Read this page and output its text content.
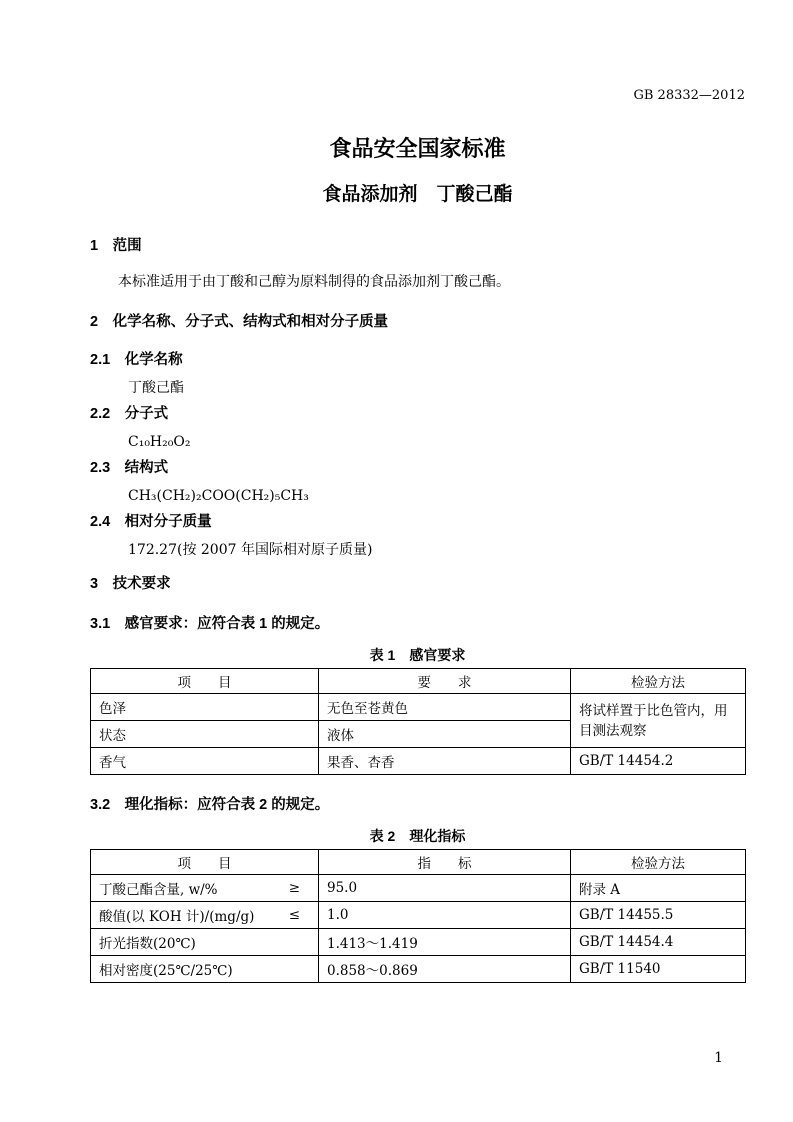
GB 28332—2012
食品安全国家标准
食品添加剂　丁酸己酯
1　范围

本标准适用于由丁酸和己醇为原料制得的食品添加剂丁酸己酯。

2　化学名称、分子式、结构式和相对分子质量
2.1　化学名称
丁酸己酯
2.2　分子式
C₁₀H₂₀O₂
2.3　结构式
CH₃(CH₂)₂COO(CH₂)₅CH₃
2.4　相对分子质量
172.27(按 2007 年国际相对原子质量)
3　技术要求
3.1　感官要求：应符合表 1 的规定。
表 1　感官要求
项　　目	要　　求	检验方法
色泽	无色至苍黄色	将试样置于比色管内，用目测法观察
状态	液体	
香气	果香、杏香	GB/T 14454.2
3.2　理化指标：应符合表 2 的规定。
表 2　理化指标
项　　目	指　　标	检验方法

丁酸己酯含量, w/% ≥	95.0	附录 A

酸值(以 KOH 计)/(mg/g) ≤	1.0	GB/T 14455.5

折光指数(20℃)	1.413～1.419	GB/T 14454.4

相对密度(25℃/25℃)	0.858～0.869	GB/T 11540
1
